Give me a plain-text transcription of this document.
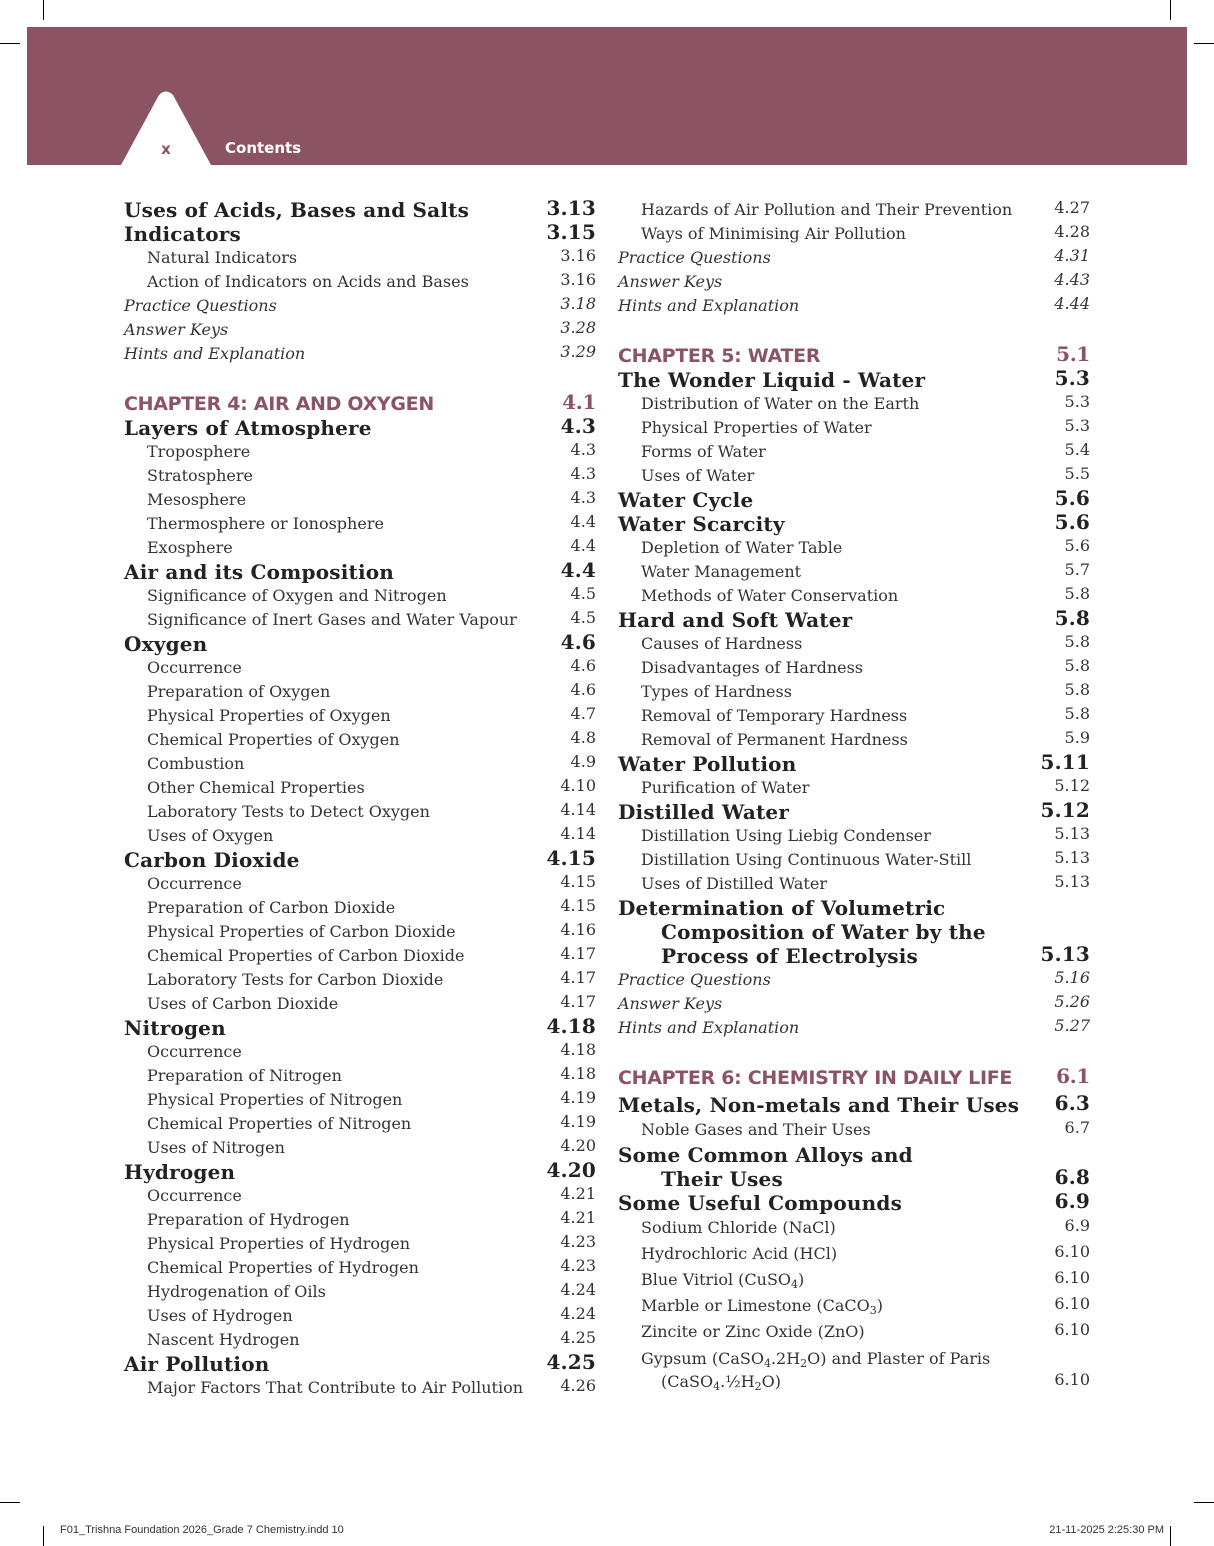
x	Contents
Uses of Acids, Bases and Salts	3.13
Indicators	3.15
Natural Indicators	3.16
Action of Indicators on Acids and Bases	3.16
Practice Questions	3.18
Answer Keys	3.28
Hints and Explanation	3.29
CHAPTER 4: AIR AND OXYGEN	4.1
Layers of Atmosphere	4.3
Troposphere	4.3
Stratosphere	4.3
Mesosphere	4.3
Thermosphere or Ionosphere	4.4
Exosphere	4.4
Air and its Composition	4.4
Significance of Oxygen and Nitrogen	4.5
Significance of Inert Gases and Water Vapour	4.5
Oxygen	4.6
Occurrence	4.6
Preparation of Oxygen	4.6
Physical Properties of Oxygen	4.7
Chemical Properties of Oxygen	4.8
Combustion	4.9
Other Chemical Properties	4.10
Laboratory Tests to Detect Oxygen	4.14
Uses of Oxygen	4.14
Carbon Dioxide	4.15
Occurrence	4.15
Preparation of Carbon Dioxide	4.15
Physical Properties of Carbon Dioxide	4.16
Chemical Properties of Carbon Dioxide	4.17
Laboratory Tests for Carbon Dioxide	4.17
Uses of Carbon Dioxide	4.17
Nitrogen	4.18
Occurrence	4.18
Preparation of Nitrogen	4.18
Physical Properties of Nitrogen	4.19
Chemical Properties of Nitrogen	4.19
Uses of Nitrogen	4.20
Hydrogen	4.20
Occurrence	4.21
Preparation of Hydrogen	4.21
Physical Properties of Hydrogen	4.23
Chemical Properties of Hydrogen	4.23
Hydrogenation of Oils	4.24
Uses of Hydrogen	4.24
Nascent Hydrogen	4.25
Air Pollution	4.25
Major Factors That Contribute to Air Pollution 4.26
Hazards of Air Pollution and Their Prevention	4.27
Ways of Minimising Air Pollution	4.28
Practice Questions	4.31
Answer Keys	4.43
Hints and Explanation	4.44
CHAPTER 5: WATER	5.1
The Wonder Liquid - Water	5.3
Distribution of Water on the Earth	5.3
Physical Properties of Water	5.3
Forms of Water	5.4
Uses of Water	5.5
Water Cycle	5.6
Water Scarcity	5.6
Depletion of Water Table	5.6
Water Management	5.7
Methods of Water Conservation	5.8
Hard and Soft Water	5.8
Causes of Hardness	5.8
Disadvantages of Hardness	5.8
Types of Hardness	5.8
Removal of Temporary Hardness	5.8
Removal of Permanent Hardness	5.9
Water Pollution	5.11
Purification of Water	5.12
Distilled Water	5.12
Distillation Using Liebig Condenser	5.13
Distillation Using Continuous Water-Still	5.13
Uses of Distilled Water	5.13
Determination of Volumetric
Composition of Water by the
Process of Electrolysis	5.13
Practice Questions	5.16
Answer Keys	5.26
Hints and Explanation	5.27
CHAPTER 6: CHEMISTRY IN DAILY LIFE 6.1
Metals, Non-metals and Their Uses 6.3
Noble Gases and Their Uses	6.7
Some Common Alloys and
Their Uses	6.8
Some Useful Compounds	6.9
Sodium Chloride (NaCl)	6.9
Hydrochloric Acid (HCl)	6.10
Blue Vitriol (CuSO$_4$)	6.10
Marble or Limestone (CaCO$_3$)	6.10
Zincite or Zinc Oxide (ZnO)	6.10
Gypsum $(CaSO_4.2H_2O)$ and Plaster of Paris
$(CaSO_4.\frac{1}{2}H_2O)$	6.10
F01_Trishna Foundation 2026_Grade 7 Chemistry.indd 10	21-11-2025 2:25:30 PM
